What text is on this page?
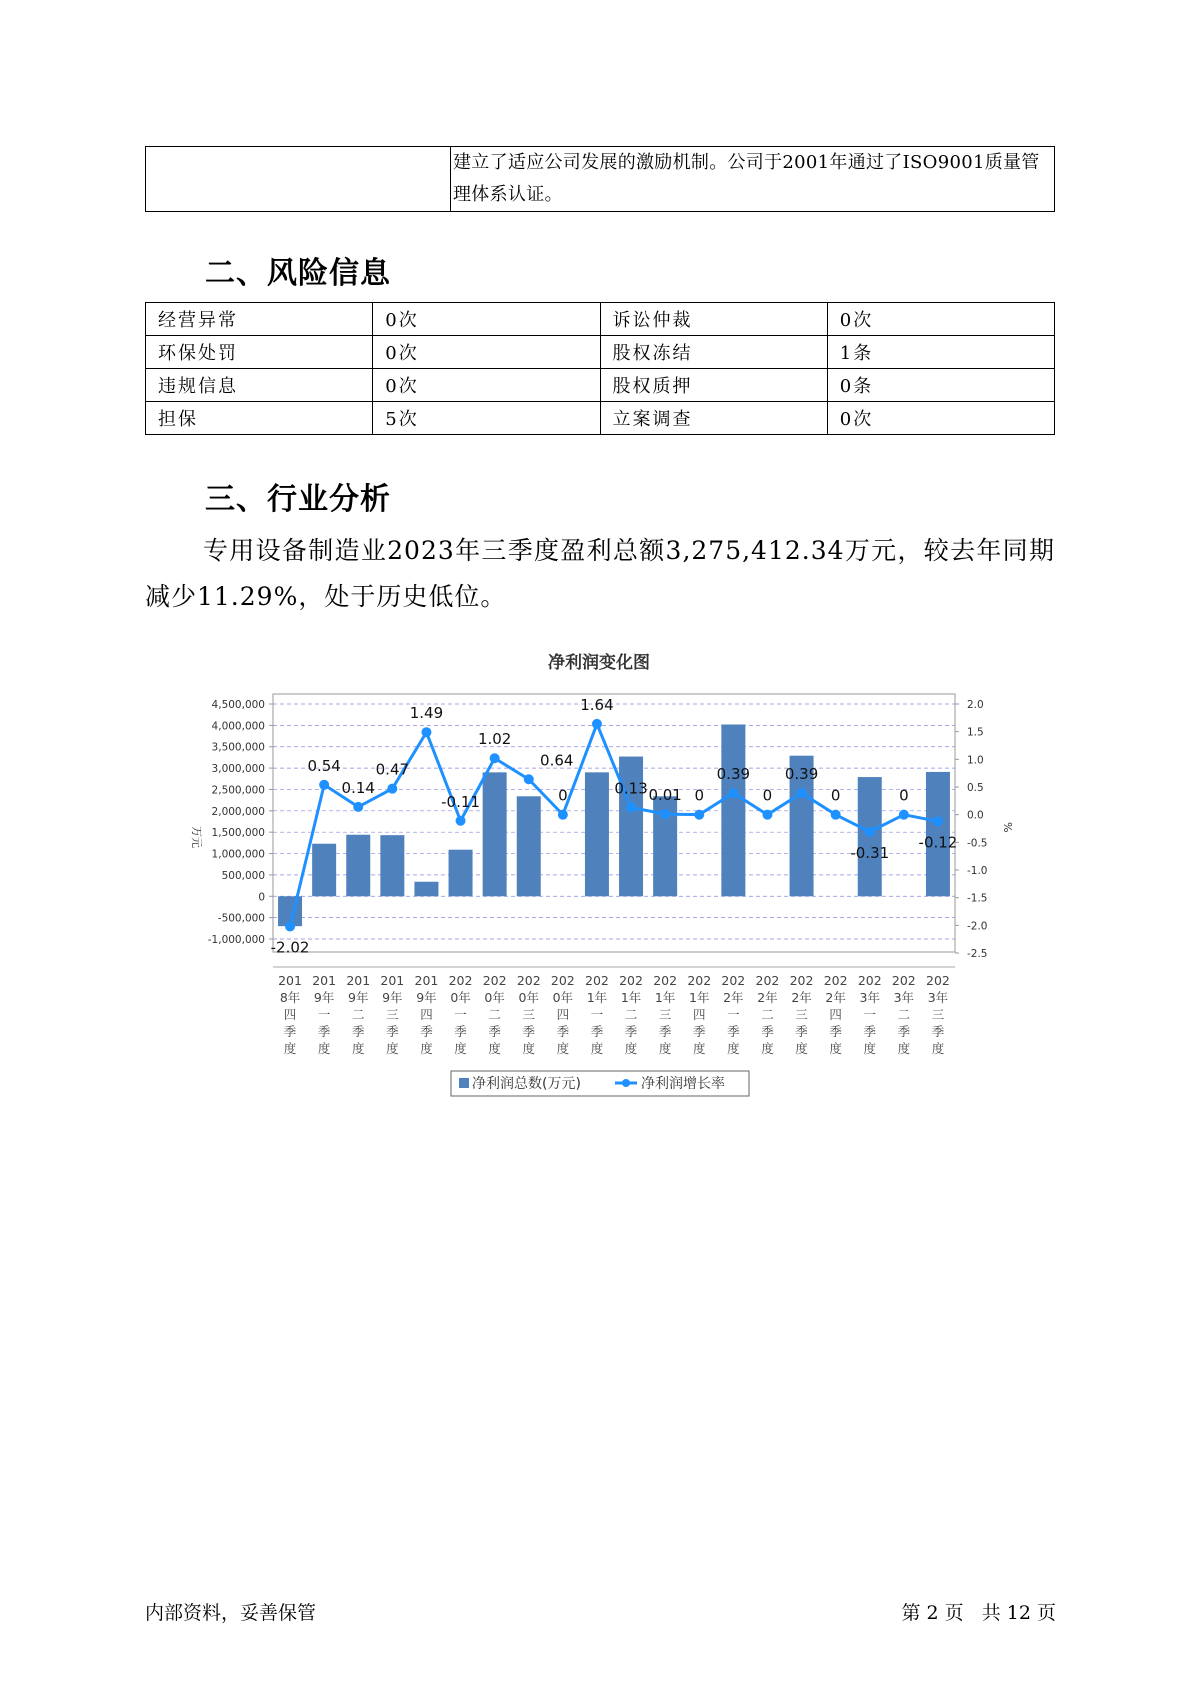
	建立了适应公司发展的激励机制。公司于2001年通过了ISO9001质量管理体系认证。
二、风险信息
经营异常	0次	诉讼仲裁	0次
环保处罚	0次	股权冻结	1条
违规信息	0次	股权质押	0条
担保	5次	立案调查	0次
三、行业分析
专用设备制造业2023年三季度盈利总额3,275,412.34万元，较去年同期减少11.29%，处于历史低位。
净利润变化图
4,500,000
4,000,000
3,500,000
3,000,000
2,500,000
2,000,000
1,500,000
1,000,000
500,000
0
-500,000
-1,000,000
2.0
1.5
1.0
0.5
0.0
-0.5
-1.0
-1.5
-2.0
-2.5
-2.02
0.54
0.14
0.47
1.49
-0.11
1.02
0.64
0
1.64
0.13 0.01 0
0.39
0
0.39
0
-0.31
0
-0.12
201 8年四季度
201 9年一季度
201 9年二季度
201 9年三季度
201 9年四季度
202 0年一季度
202 0年二季度
202 0年三季度
202 0年四季度
202 1年一季度
202 1年二季度
202 1年三季度
202 1年四季度
202 2年一季度
202 2年二季度
202 2年三季度
202 2年四季度
202 3年一季度
202 3年二季度
202 3年三季度
万元	%
净利润总数(万元)	净利润增长率
内部资料，妥善保管	第 2 页   共 12 页
